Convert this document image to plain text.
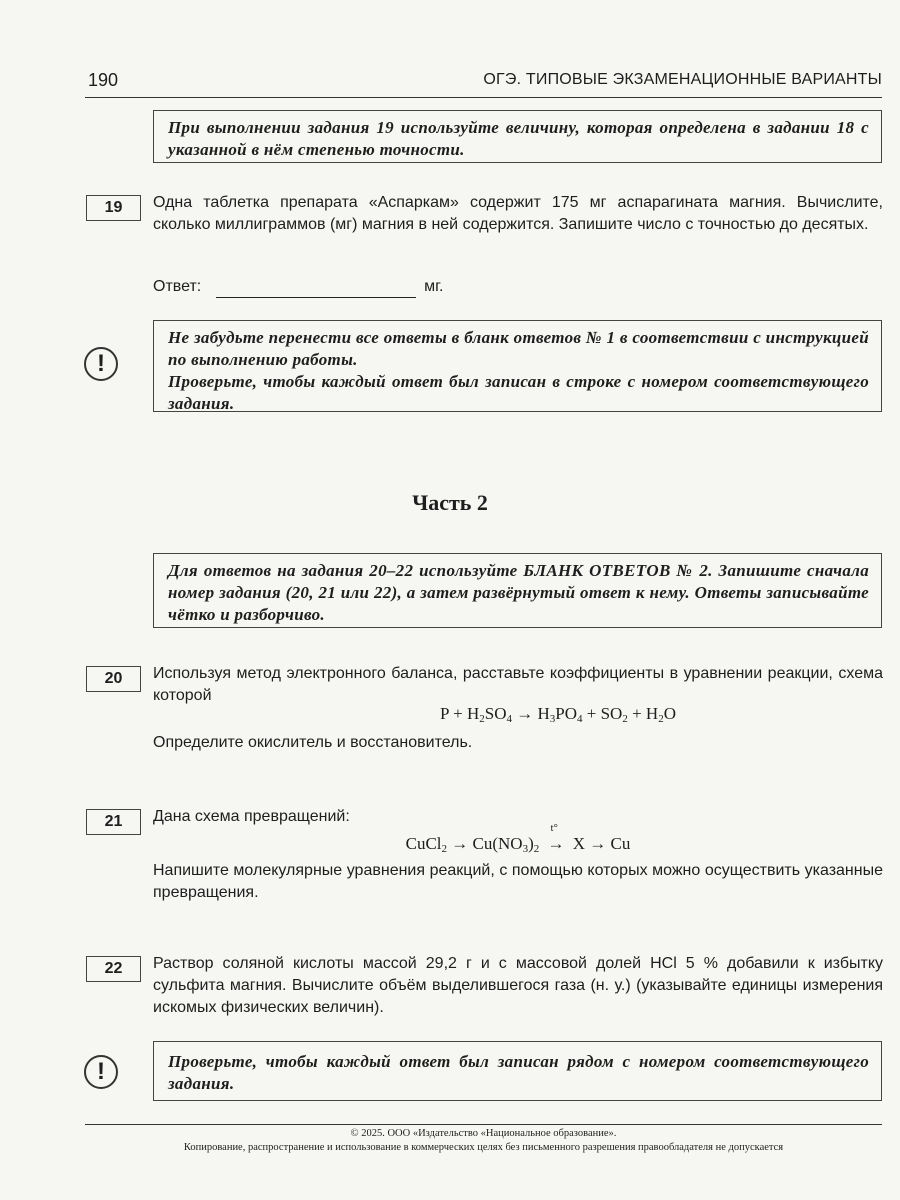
190	ОГЭ. ТИПОВЫЕ ЭКЗАМЕНАЦИОННЫЕ ВАРИАНТЫ

При выполнении задания 19 используйте величину, которая определена в задании 18 с указанной в нём степенью точности.

19	Одна таблетка препарата «Аспаркам» содержит 175 мг аспарагината магния. Вычислите, сколько миллиграммов (мг) магния в ней содержится. Запишите число с точностью до десятых.

Ответ:	мг.
!

Не забудьте перенести все ответы в бланк ответов № 1 в соответствии с инструкцией по выполнению работы.

Проверьте, чтобы каждый ответ был записан в строке с номером соответствующего задания.

Часть 2

Для ответов на задания 20–22 используйте БЛАНК ОТВЕТОВ № 2. Запишите сначала номер задания (20, 21 или 22), а затем развёрнутый ответ к нему. Ответы записывайте чётко и разборчиво.

20	Используя метод электронного баланса, расставьте коэффициенты в уравнении реакции, схема которой

$P + H_2SO_4 \to H_3PO_4 + SO_2 + H_2O$

Определите окислитель и восстановитель.

21	Дана схема превращений:

CuCl$_2$ → $Cu(NO_3)_2$
t°
→ X → Cu

Напишите молекулярные уравнения реакций, с помощью которых можно осуществить указанные превращения.

22	Раствор соляной кислоты массой 29,2 г и с массовой долей HCl 5 % добавили к избытку сульфита магния. Вычислите объём выделившегося газа (н. у.) (указывайте единицы измерения искомых физических величин).

!	Проверьте, чтобы каждый ответ был записан рядом с номером соответствующего задания.

© 2025. ООО «Издательство «Национальное образование».
Копирование, распространение и использование в коммерческих целях без письменного разрешения правообладателя не допускается
